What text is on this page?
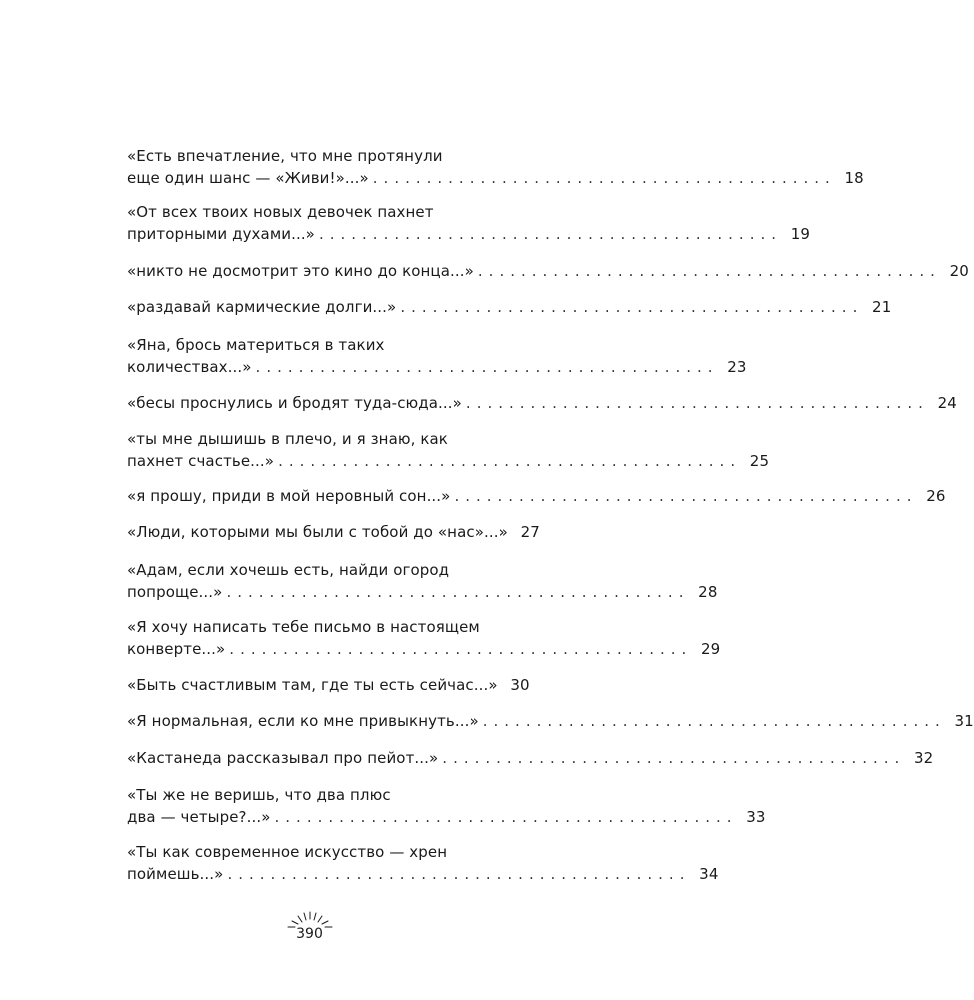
«Есть впечатление, что мне протянули
еще один шанс — «Живи!»...» ........................................... 18
«От всех твоих новых девочек пахнет
приторными духами...» ........................................... 19
«никто не досмотрит это кино до конца...» ........................................... 20
«раздавай кармические долги...» ........................................... 21
«Яна, брось материться в таких
количествах...» ........................................... 23
«бесы проснулись и бродят туда-сюда...» ........................................... 24
«ты мне дышишь в плечо, и я знаю, как
пахнет счастье...» ........................................... 25
«я прошу, приди в мой неровный сон...» ........................................... 26
«Люди, которыми мы были с тобой до «нас»...» 27
«Адам, если хочешь есть, найди огород
попроще...» ........................................... 28
«Я хочу написать тебе письмо в настоящем
конверте...» ........................................... 29
«Быть счастливым там, где ты есть сейчас...» 30
«Я нормальная, если ко мне привыкнуть...» ........................................... 31
«Кастанеда рассказывал про пейот...» ........................................... 32
«Ты же не веришь, что два плюс
два — четыре?...» ........................................... 33
«Ты как современное искусство — хрен
поймешь...» ........................................... 34
390
